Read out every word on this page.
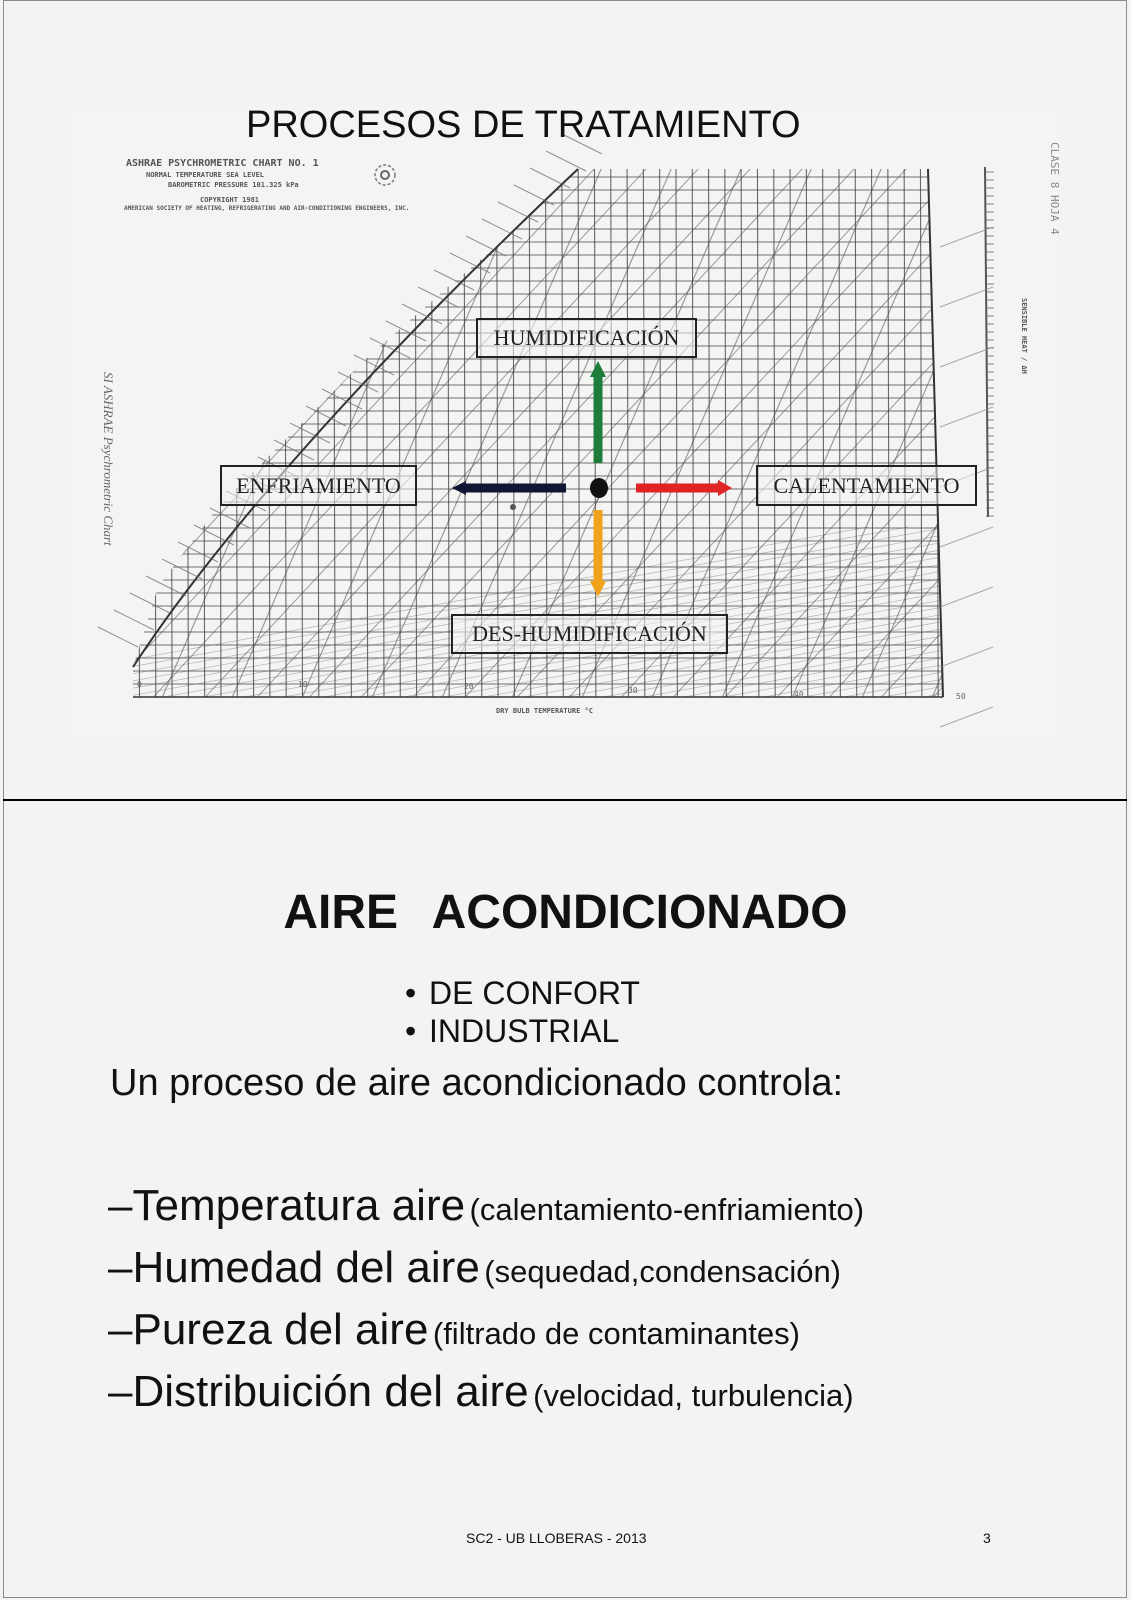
PROCESOS DE TRATAMIENTO
ASHRAE PSYCHROMETRIC CHART NO. 1
NORMAL TEMPERATURE SEA LEVEL
BAROMETRIC PRESSURE 101.325 kPa
COPYRIGHT 1981
AMERICAN SOCIETY OF HEATING, REFRIGERATING AND AIR-CONDITIONING ENGINEERS, INC.
SI ASHRAE Psychrometric Chart
CLASE 8 HOJA 4
DRY BULB TEMPERATURE °C
SENSIBLE HEAT / ΔH
0	10	20	30	40	50
HUMIDIFICACIÓN
ENFRIAMIENTO	CALENTAMIENTO
DES-HUMIDIFICACIÓN
AIRE ACONDICIONADO
• DE CONFORT
• INDUSTRIAL
Un proceso de aire acondicionado controla:
–Temperatura aire (calentamiento-enfriamiento)
–Humedad del aire (sequedad,condensación)
–Pureza del aire (filtrado de contaminantes)
–Distribuición del aire (velocidad, turbulencia)
SC2 - UB LLOBERAS - 2013	3
